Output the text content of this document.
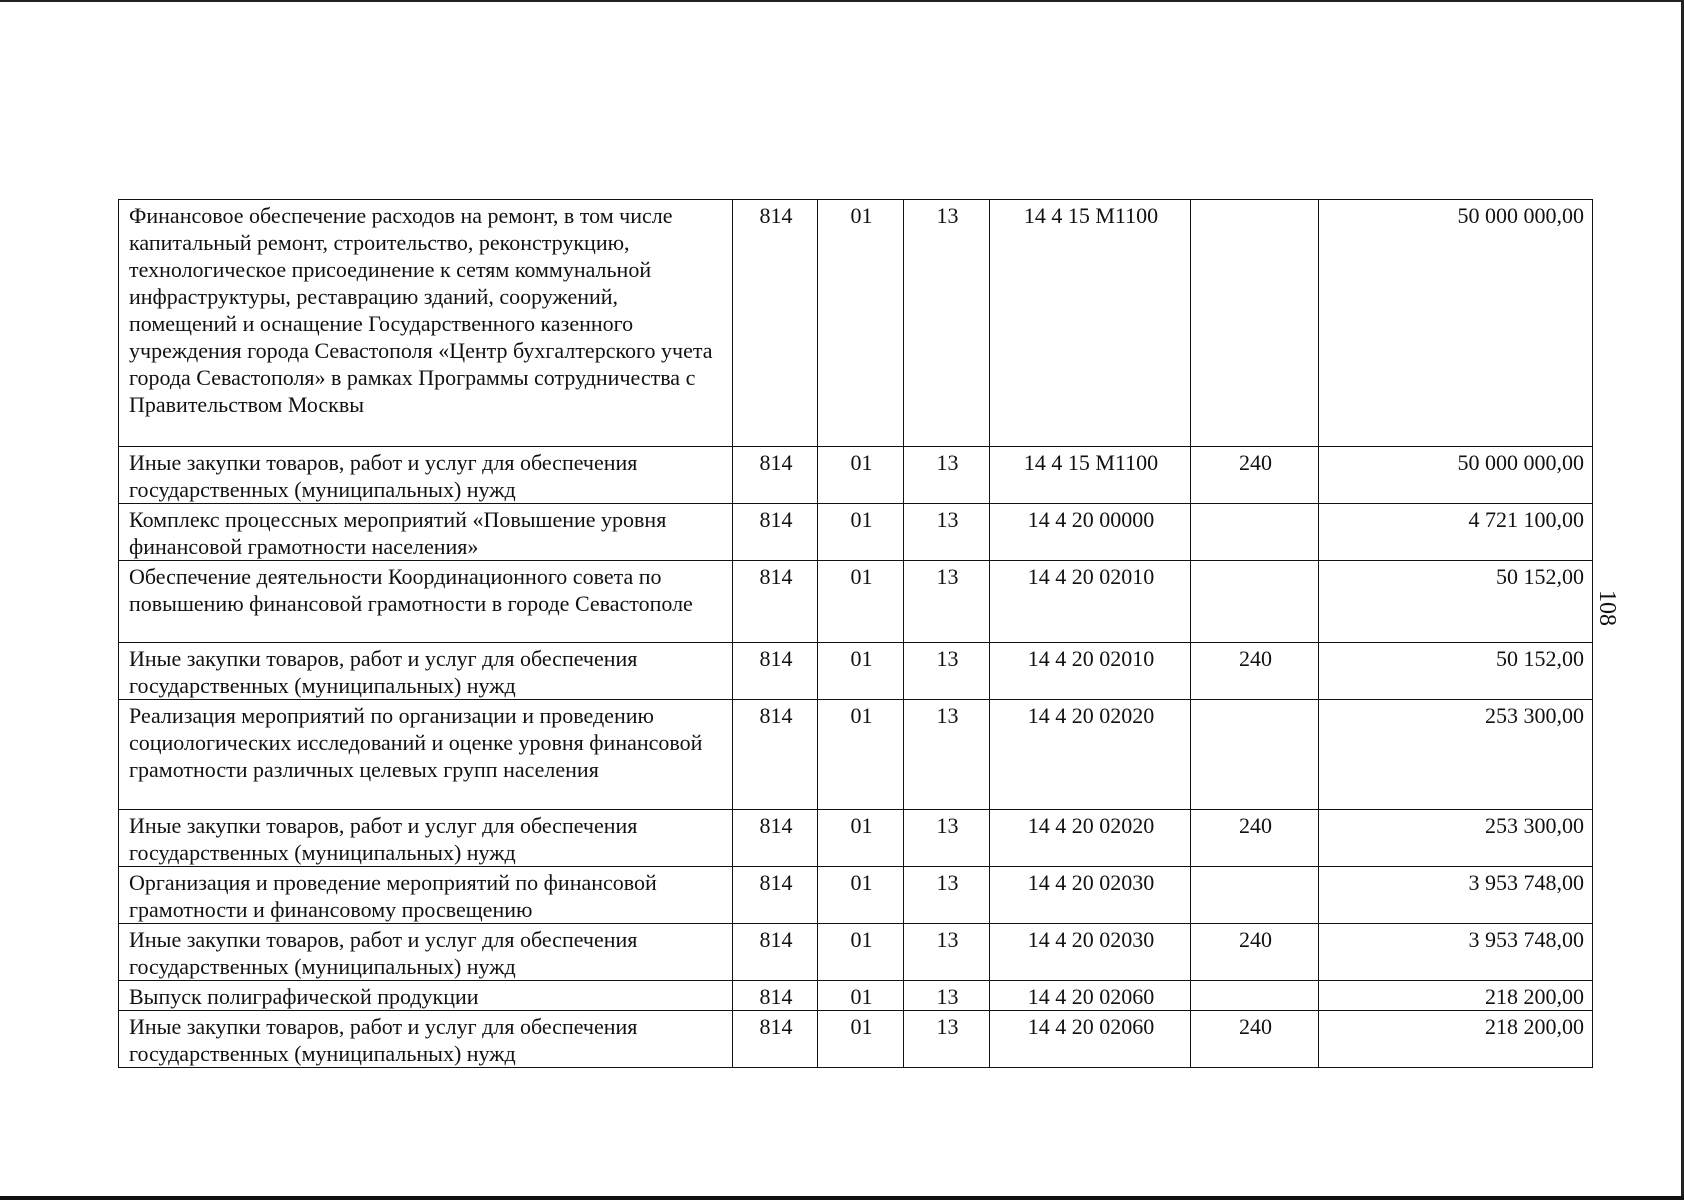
Финансовое обеспечение расходов на ремонт, в том числе капитальный ремонт, строительство, реконструкцию, технологическое присоединение к сетям коммунальной инфраструктуры, реставрацию зданий, сооружений, помещений и оснащение Государственного казенного учреждения города Севастополя «Центр бухгалтерского учета города Севастополя» в рамках Программы сотрудничества с Правительством Москвы	814	01	13	14 4 15 М1100		50 000 000,00
Иные закупки товаров, работ и услуг для обеспечения государственных (муниципальных) нужд	814	01	13	14 4 15 М1100	240	50 000 000,00
Комплекс процессных мероприятий «Повышение уровня финансовой грамотности населения»	814	01	13	14 4 20 00000		4 721 100,00
Обеспечение деятельности Координационного совета по повышению финансовой грамотности в городе Севастополе	814	01	13	14 4 20 02010		50 152,00
Иные закупки товаров, работ и услуг для обеспечения государственных (муниципальных) нужд	814	01	13	14 4 20 02010	240	50 152,00
Реализация мероприятий по организации и проведению социологических исследований и оценке уровня финансовой грамотности различных целевых групп населения	814	01	13	14 4 20 02020		253 300,00
Иные закупки товаров, работ и услуг для обеспечения государственных (муниципальных) нужд	814	01	13	14 4 20 02020	240	253 300,00
Организация и проведение мероприятий по финансовой грамотности и финансовому просвещению	814	01	13	14 4 20 02030		3 953 748,00
Иные закупки товаров, работ и услуг для обеспечения государственных (муниципальных) нужд	814	01	13	14 4 20 02030	240	3 953 748,00
Выпуск полиграфической продукции	814	01	13	14 4 20 02060		218 200,00
Иные закупки товаров, работ и услуг для обеспечения государственных (муниципальных) нужд	814	01	13	14 4 20 02060	240	218 200,00
108
